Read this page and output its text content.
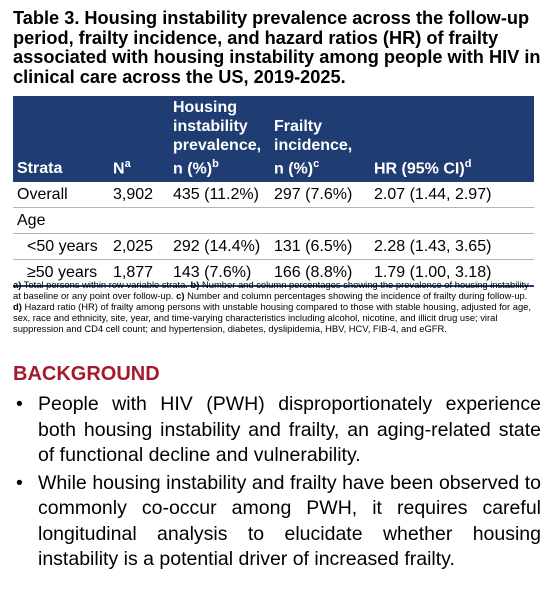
Table 3. Housing instability prevalence across the follow-up period, frailty incidence, and hazard ratios (HR) of frailty associated with housing instability among people with HIV in clinical care across the US, 2019-2025.
Strata	$N^a$	Housing instability prevalence, n (%)$^b$	Frailty incidence, n (%)$^c$	HR (95% CI)$^d$
Overall	3,902	435 (11.2%)	297 (7.6%)	2.07 (1.44, 2.97)
Age				
<50 years	2,025	292 (14.4%)	131 (6.5%)	2.28 (1.43, 3.65)
≥50 years	1,877	143 (7.6%)	166 (8.8%)	1.79 (1.00, 3.18)
a) Total persons within row variable strata. b) Number and column percentages showing the prevalence of housing instability at baseline or any point over follow-up. c) Number and column percentages showing the incidence of frailty during follow-up. d) Hazard ratio (HR) of frailty among persons with unstable housing compared to those with stable housing, adjusted for age, sex, race and ethnicity, site, year, and time-varying characteristics including alcohol, nicotine, and illicit drug use; viral suppression and CD4 cell count; and hypertension, diabetes, dyslipidemia, HBV, HCV, FIB-4, and eGFR.
BACKGROUND
• People with HIV (PWH) disproportionately experience both housing instability and frailty, an aging-related state of functional decline and vulnerability.
• While housing instability and frailty have been observed to commonly co-occur among PWH, it requires careful longitudinal analysis to elucidate whether housing instability is a potential driver of increased frailty.
